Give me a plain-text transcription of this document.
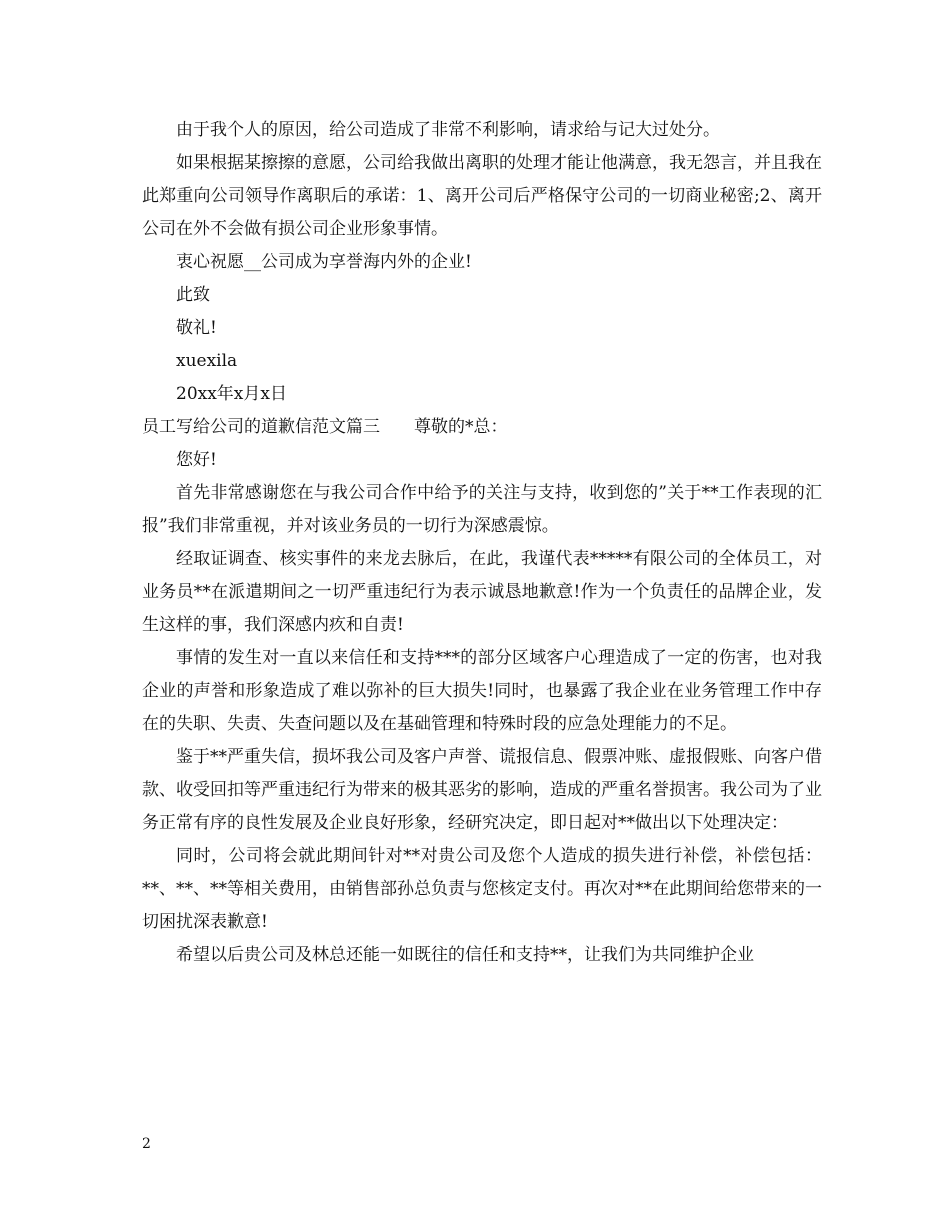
由于我个人的原因，给公司造成了非常不利影响，请求给与记大过处分。

如果根据某擦擦的意愿，公司给我做出离职的处理才能让他满意，我无怨言，并且我在此郑重向公司领导作离职后的承诺：1、离开公司后严格保守公司的一切商业秘密;2、离开公司在外不会做有损公司企业形象事情。

衷心祝愿__公司成为享誉海内外的企业!

此致

敬礼!

xuexila

20xx年x月x日

员工写给公司的道歉信范文篇三　　尊敬的*总：

您好!

首先非常感谢您在与我公司合作中给予的关注与支持，收到您的”关于**工作表现的汇报”我们非常重视，并对该业务员的一切行为深感震惊。

经取证调查、核实事件的来龙去脉后，在此，我谨代表*****有限公司的全体员工，对业务员**在派遣期间之一切严重违纪行为表示诚恳地歉意!作为一个负责任的品牌企业，发生这样的事，我们深感内疚和自责!

事情的发生对一直以来信任和支持***的部分区域客户心理造成了一定的伤害，也对我企业的声誉和形象造成了难以弥补的巨大损失!同时，也暴露了我企业在业务管理工作中存在的失职、失责、失查问题以及在基础管理和特殊时段的应急处理能力的不足。

鉴于**严重失信，损坏我公司及客户声誉、谎报信息、假票冲账、虚报假账、向客户借款、收受回扣等严重违纪行为带来的极其恶劣的影响，造成的严重名誉损害。我公司为了业务正常有序的良性发展及企业良好形象，经研究决定，即日起对**做出以下处理决定：

同时，公司将会就此期间针对**对贵公司及您个人造成的损失进行补偿，补偿包括：**、**、**等相关费用，由销售部孙总负责与您核定支付。再次对**在此期间给您带来的一切困扰深表歉意!

希望以后贵公司及林总还能一如既往的信任和支持**，让我们为共同维护企业

2
